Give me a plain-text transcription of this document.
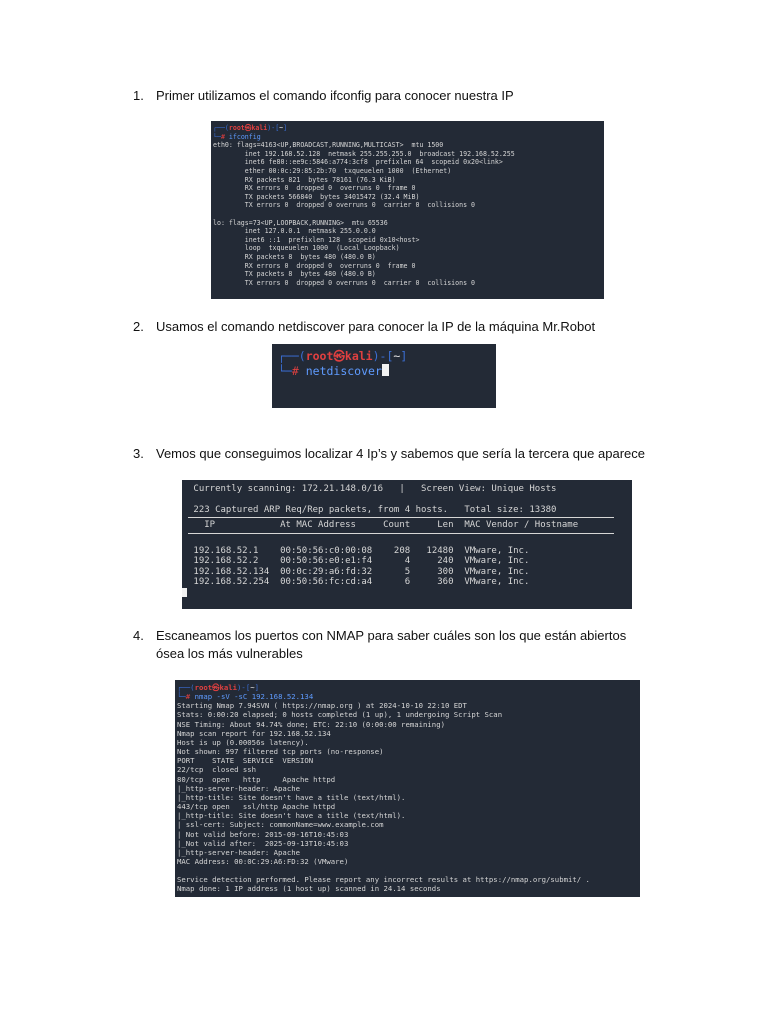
1. Primer utilizamos el comando ifconfig para conocer nuestra IP
┌──(root㉿kali)-[~]
└─# ifconfig
eth0: flags=4163<UP,BROADCAST,RUNNING,MULTICAST>  mtu 1500
inet 192.168.52.128  netmask 255.255.255.0  broadcast 192.168.52.255
inet6 fe80::ee9c:5846:a774:3cf8  prefixlen 64  scopeid 0x20<link>
ether 00:0c:29:85:2b:70  txqueuelen 1000  (Ethernet)
RX packets 821  bytes 78161 (76.3 KiB)
RX errors 0  dropped 0  overruns 0  frame 0
TX packets 566840  bytes 34015472 (32.4 MiB)
TX errors 0  dropped 0 overruns 0  carrier 0  collisions 0
lo: flags=73<UP,LOOPBACK,RUNNING>  mtu 65536
inet 127.0.0.1  netmask 255.0.0.0
inet6 ::1  prefixlen 128  scopeid 0x10<host>
loop  txqueuelen 1000  (Local Loopback)
RX packets 8  bytes 480 (480.0 B)
RX errors 0  dropped 0  overruns 0  frame 0
TX packets 8  bytes 480 (480.0 B)
TX errors 0  dropped 0 overruns 0  carrier 0  collisions 0
2. Usamos el comando netdiscover para conocer la IP de la máquina Mr.Robot
┌──(root㉿kali)-[~]
└─# netdiscover
3. Vemos que conseguimos localizar 4 Ip’s y sabemos que sería la tercera que aparece
Currently scanning: 172.21.148.0/16   |   Screen View: Unique Hosts
223 Captured ARP Req/Rep packets, from 4 hosts.   Total size: 13380
IP            At MAC Address     Count     Len  MAC Vendor / Hostname
192.168.52.1    00:50:56:c0:00:08    208   12480  VMware, Inc.
192.168.52.2    00:50:56:e0:e1:f4      4     240  VMware, Inc.
192.168.52.134  00:0c:29:a6:fd:32      5     300  VMware, Inc.
192.168.52.254  00:50:56:fc:cd:a4      6     360  VMware, Inc.
4. Escaneamos los puertos con NMAP para saber cuáles son los que están abiertos ósea los más vulnerables
┌──(root㉿kali)-[~]
└─# nmap -sV -sC 192.168.52.134
Starting Nmap 7.94SVN ( https://nmap.org ) at 2024-10-10 22:10 EDT
Stats: 0:00:20 elapsed; 0 hosts completed (1 up), 1 undergoing Script Scan
NSE Timing: About 94.74% done; ETC: 22:10 (0:00:00 remaining)
Nmap scan report for 192.168.52.134
Host is up (0.00056s latency).
Not shown: 997 filtered tcp ports (no-response)
PORT    STATE  SERVICE  VERSION
22/tcp  closed ssh
80/tcp  open   http     Apache httpd
|_http-server-header: Apache
|_http-title: Site doesn't have a title (text/html).
443/tcp open   ssl/http Apache httpd
|_http-title: Site doesn't have a title (text/html).
| ssl-cert: Subject: commonName=www.example.com
| Not valid before: 2015-09-16T10:45:03
|_Not valid after:  2025-09-13T10:45:03
|_http-server-header: Apache
MAC Address: 00:0C:29:A6:FD:32 (VMware)
Service detection performed. Please report any incorrect results at https://nmap.org/submit/ .
Nmap done: 1 IP address (1 host up) scanned in 24.14 seconds
